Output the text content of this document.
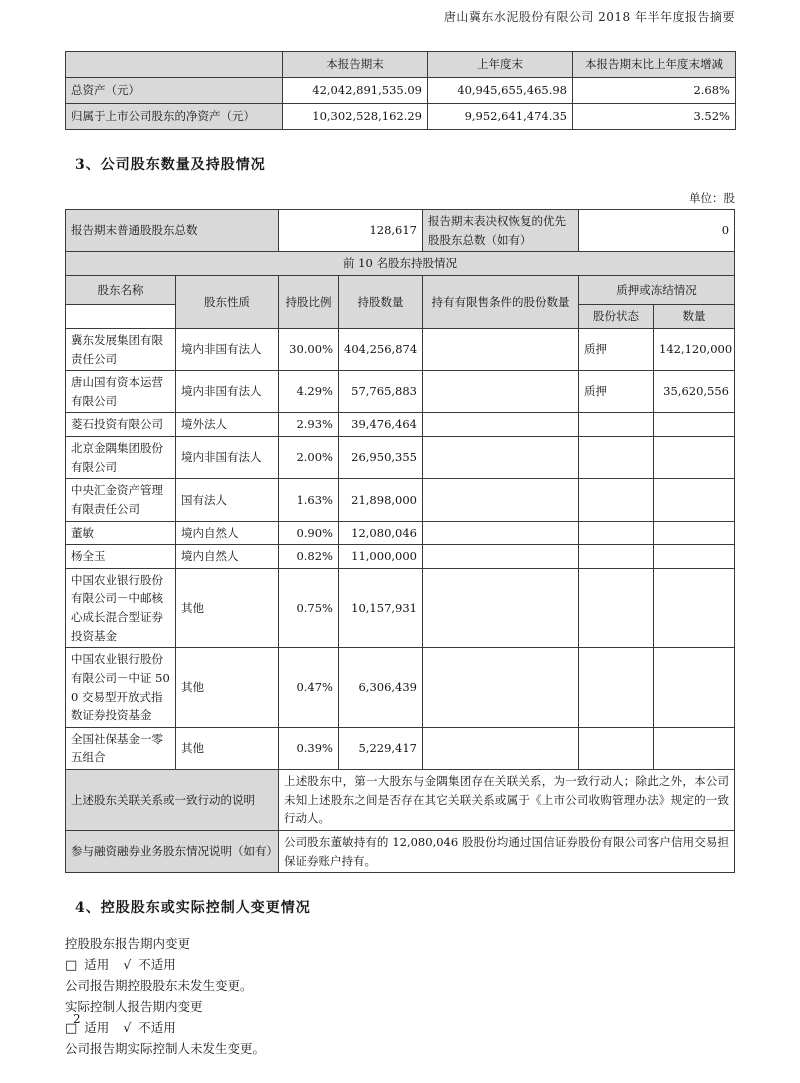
唐山冀东水泥股份有限公司 2018 年半年度报告摘要
	本报告期末	上年度末	本报告期末比上年度末增减
总资产（元）	42,042,891,535.09	40,945,655,465.98	2.68%
归属于上市公司股东的净资产（元）	10,302,528,162.29	9,952,641,474.35	3.52%
3、公司股东数量及持股情况
单位：股
报告期末普通股股东总数		128,617		报告期末表决权恢复的优先股股东总数（如有）	0	
前 10 名股东持股情况						
股东名称	股东性质	持股比例	持股数量	持有有限售条件的股份数量	质押或冻结情况	
					股份状态	数量
冀东发展集团有限责任公司	境内非国有法人	30.00%	404,256,874		质押	142,120,000
唐山国有资本运营有限公司	境内非国有法人	4.29%	57,765,883		质押	35,620,556
菱石投资有限公司	境外法人	2.93%	39,476,464			
北京金隅集团股份有限公司	境内非国有法人	2.00%	26,950,355			
中央汇金资产管理有限责任公司	国有法人	1.63%	21,898,000			
董敏	境内自然人	0.90%	12,080,046			
杨全玉	境内自然人	0.82%	11,000,000			
中国农业银行股份有限公司－中邮核心成长混合型证券投资基金	其他	0.75%	10,157,931			
中国农业银行股份有限公司－中证 500 交易型开放式指数证券投资基金	其他	0.47%	6,306,439			
全国社保基金一零五组合	其他	0.39%	5,229,417			
上述股东关联关系或一致行动的说明		上述股东中，第一大股东与金隅集团存在关联关系，为一致行动人；除此之外，本公司未知上述股东之间是否存在其它关联关系或属于《上市公司收购管理办法》规定的一致行动人。				
参与融资融券业务股东情况说明（如有）		公司股东董敏持有的 12,080,046 股股份均通过国信证券股份有限公司客户信用交易担保证券账户持有。				
4、控股股东或实际控制人变更情况
控股股东报告期内变更
□ 适用 √ 不适用
公司报告期控股股东未发生变更。
实际控制人报告期内变更
□ 适用 √ 不适用
公司报告期实际控制人未发生变更。
2
